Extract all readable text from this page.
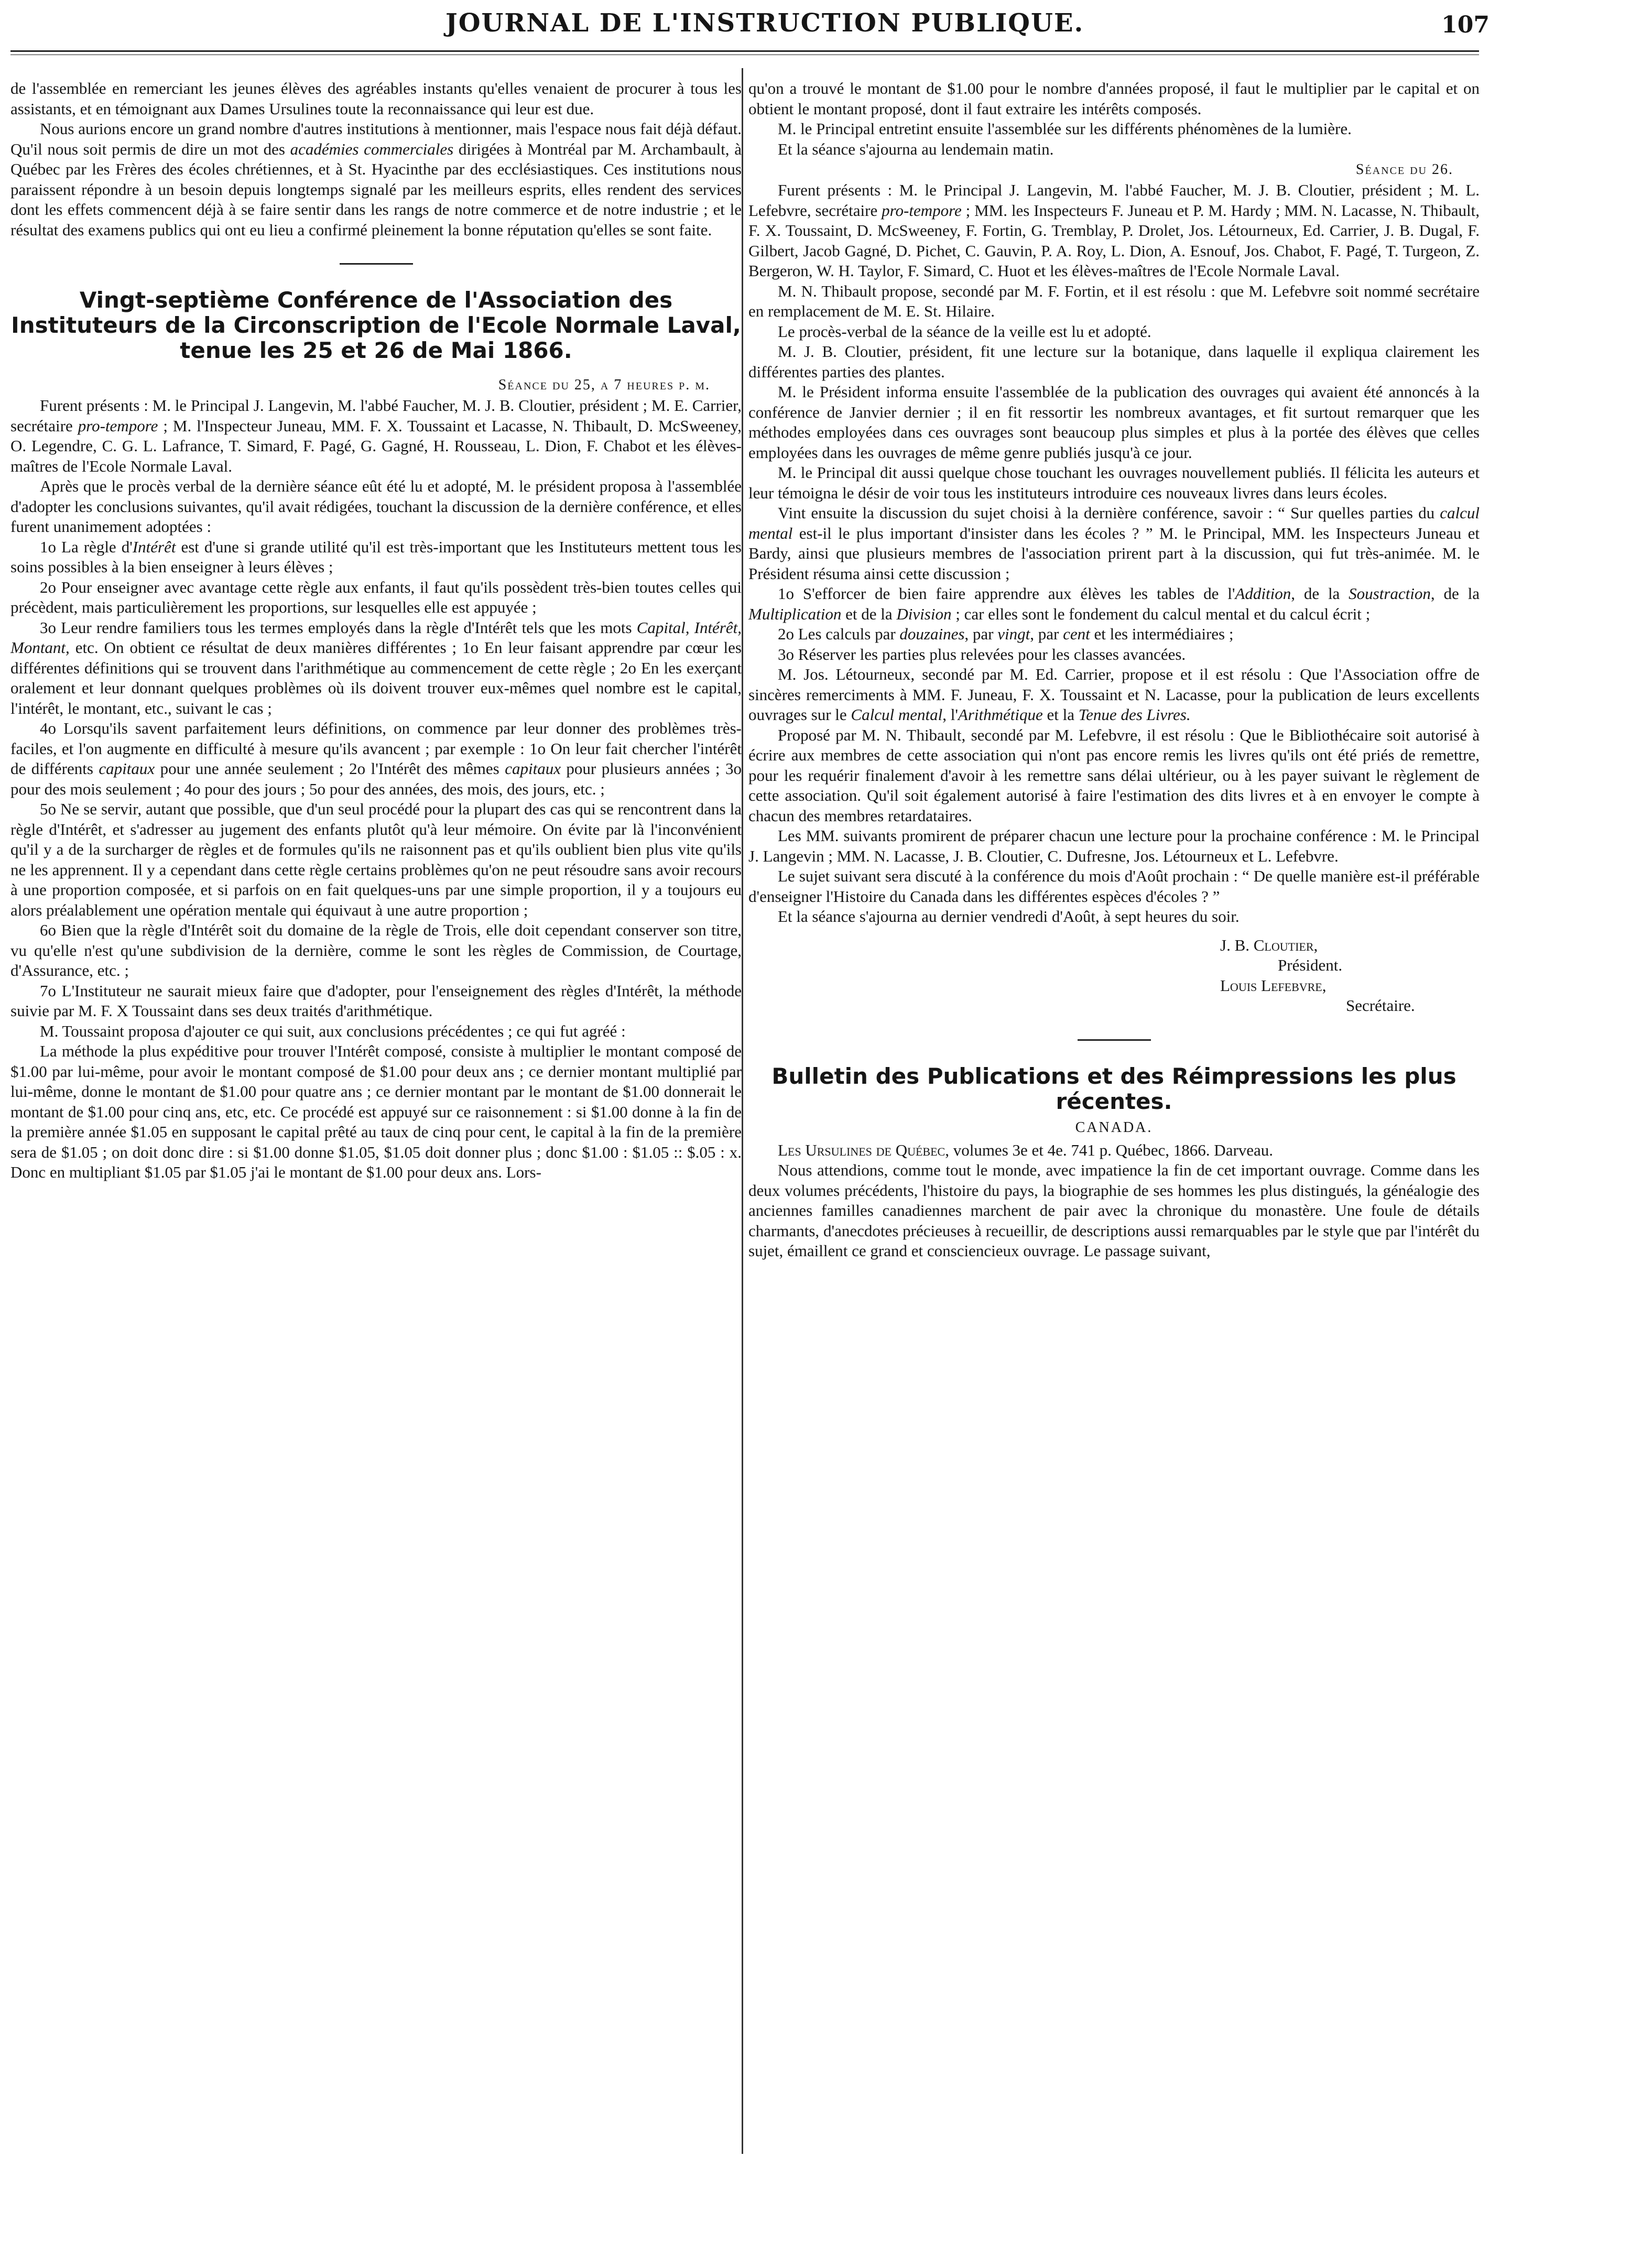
JOURNAL DE L'INSTRUCTION PUBLIQUE.	107

de l'assemblée en remerciant les jeunes élèves des agréables instants qu'elles venaient de procurer à tous les assistants, et en témoignant aux Dames Ursulines toute la reconnaissance qui leur est due.

Nous aurions encore un grand nombre d'autres institutions à mentionner, mais l'espace nous fait déjà défaut. Qu'il nous soit permis de dire un mot des académies commerciales dirigées à Montréal par M. Archambault, à Québec par les Frères des écoles chrétiennes, et à St. Hyacinthe par des ecclésiastiques. Ces institutions nous paraissent répondre à un besoin depuis longtemps signalé par les meilleurs esprits, elles rendent des services dont les effets commencent déjà à se faire sentir dans les rangs de notre commerce et de notre industrie ; et le résultat des examens publics qui ont eu lieu a confirmé pleinement la bonne réputation qu'elles se sont faite.

Vingt-septième Conférence de l'Association des Instituteurs de la Circonscription de l'Ecole Normale Laval, tenue les 25 et 26 de Mai 1866.

Séance du 25, a 7 heures p. m.

Furent présents : M. le Principal J. Langevin, M. l'abbé Faucher, M. J. B. Cloutier, président ; M. E. Carrier, secrétaire pro-tempore ; M. l'Inspecteur Juneau, MM. F. X. Toussaint et Lacasse, N. Thibault, D. McSweeney, O. Legendre, C. G. L. Lafrance, T. Simard, F. Pagé, G. Gagné, H. Rousseau, L. Dion, F. Chabot et les élèves-maîtres de l'Ecole Normale Laval.

Après que le procès verbal de la dernière séance eût été lu et adopté, M. le président proposa à l'assemblée d'adopter les conclusions suivantes, qu'il avait rédigées, touchant la discussion de la dernière conférence, et elles furent unanimement adoptées :

1o La règle d'Intérêt est d'une si grande utilité qu'il est très-important que les Instituteurs mettent tous les soins possibles à la bien enseigner à leurs élèves ;

2o Pour enseigner avec avantage cette règle aux enfants, il faut qu'ils possèdent très-bien toutes celles qui précèdent, mais particulièrement les proportions, sur lesquelles elle est appuyée ;

3o Leur rendre familiers tous les termes employés dans la règle d'Intérêt tels que les mots Capital, Intérêt, Montant, etc. On obtient ce résultat de deux manières différentes ; 1o En leur faisant apprendre par cœur les différentes définitions qui se trouvent dans l'arithmétique au commencement de cette règle ; 2o En les exerçant oralement et leur donnant quelques problèmes où ils doivent trouver eux-mêmes quel nombre est le capital, l'intérêt, le montant, etc., suivant le cas ;

4o Lorsqu'ils savent parfaitement leurs définitions, on commence par leur donner des problèmes très-faciles, et l'on augmente en difficulté à mesure qu'ils avancent ; par exemple : 1o On leur fait chercher l'intérêt de différents capitaux pour une année seulement ; 2o l'Intérêt des mêmes capitaux pour plusieurs années ; 3o pour des mois seulement ; 4o pour des jours ; 5o pour des années, des mois, des jours, etc. ;

5o Ne se servir, autant que possible, que d'un seul procédé pour la plupart des cas qui se rencontrent dans la règle d'Intérêt, et s'adresser au jugement des enfants plutôt qu'à leur mémoire. On évite par là l'inconvénient qu'il y a de la surcharger de règles et de formules qu'ils ne raisonnent pas et qu'ils oublient bien plus vite qu'ils ne les apprennent. Il y a cependant dans cette règle certains problèmes qu'on ne peut résoudre sans avoir recours à une proportion composée, et si parfois on en fait quelques-uns par une simple proportion, il y a toujours eu alors préalablement une opération mentale qui équivaut à une autre proportion ;

6o Bien que la règle d'Intérêt soit du domaine de la règle de Trois, elle doit cependant conserver son titre, vu qu'elle n'est qu'une subdivision de la dernière, comme le sont les règles de Commission, de Courtage, d'Assurance, etc. ;

7o L'Instituteur ne saurait mieux faire que d'adopter, pour l'enseignement des règles d'Intérêt, la méthode suivie par M. F. X Toussaint dans ses deux traités d'arithmétique.

M. Toussaint proposa d'ajouter ce qui suit, aux conclusions précédentes ; ce qui fut agréé :

La méthode la plus expéditive pour trouver l'Intérêt composé, consiste à multiplier le montant composé de $1.00 par lui-même, pour avoir le montant composé de $1.00 pour deux ans ; ce dernier montant multiplié par lui-même, donne le montant de $1.00 pour quatre ans ; ce dernier montant par le montant de $1.00 donnerait le montant de $1.00 pour cinq ans, etc, etc. Ce procédé est appuyé sur ce raisonnement : si $1.00 donne à la fin de la première année $1.05 en supposant le capital prêté au taux de cinq pour cent, le capital à la fin de la première sera de $1.05 ; on doit donc dire : si $1.00 donne $1.05, $1.05 doit donner plus ; donc $1.00 : $1.05 :: $.05 : x. Donc en multipliant $1.05 par $1.05 j'ai le montant de $1.00 pour deux ans. Lors-

qu'on a trouvé le montant de $1.00 pour le nombre d'années proposé, il faut le multiplier par le capital et on obtient le montant proposé, dont il faut extraire les intérêts composés.

M. le Principal entretint ensuite l'assemblée sur les différents phénomènes de la lumière.

Et la séance s'ajourna au lendemain matin.

Séance du 26.

Furent présents : M. le Principal J. Langevin, M. l'abbé Faucher, M. J. B. Cloutier, président ; M. L. Lefebvre, secrétaire pro-tempore ; MM. les Inspecteurs F. Juneau et P. M. Hardy ; MM. N. Lacasse, N. Thibault, F. X. Toussaint, D. McSweeney, F. Fortin, G. Tremblay, P. Drolet, Jos. Létourneux, Ed. Carrier, J. B. Dugal, F. Gilbert, Jacob Gagné, D. Pichet, C. Gauvin, P. A. Roy, L. Dion, A. Esnouf, Jos. Chabot, F. Pagé, T. Turgeon, Z. Bergeron, W. H. Taylor, F. Simard, C. Huot et les élèves-maîtres de l'Ecole Normale Laval.

M. N. Thibault propose, secondé par M. F. Fortin, et il est résolu : que M. Lefebvre soit nommé secrétaire en remplacement de M. E. St. Hilaire.

Le procès-verbal de la séance de la veille est lu et adopté.

M. J. B. Cloutier, président, fit une lecture sur la botanique, dans laquelle il expliqua clairement les différentes parties des plantes.

M. le Président informa ensuite l'assemblée de la publication des ouvrages qui avaient été annoncés à la conférence de Janvier dernier ; il en fit ressortir les nombreux avantages, et fit surtout remarquer que les méthodes employées dans ces ouvrages sont beaucoup plus simples et plus à la portée des élèves que celles employées dans les ouvrages de même genre publiés jusqu'à ce jour.

M. le Principal dit aussi quelque chose touchant les ouvrages nouvellement publiés. Il félicita les auteurs et leur témoigna le désir de voir tous les instituteurs introduire ces nouveaux livres dans leurs écoles.

Vint ensuite la discussion du sujet choisi à la dernière conférence, savoir : “ Sur quelles parties du calcul mental est-il le plus important d'insister dans les écoles ? ” M. le Principal, MM. les Inspecteurs Juneau et Bardy, ainsi que plusieurs membres de l'association prirent part à la discussion, qui fut très-animée. M. le Président résuma ainsi cette discussion ;

1o S'efforcer de bien faire apprendre aux élèves les tables de l'Addition, de la Soustraction, de la Multiplication et de la Division ; car elles sont le fondement du calcul mental et du calcul écrit ;

2o Les calculs par douzaines, par vingt, par cent et les intermédiaires ;

3o Réserver les parties plus relevées pour les classes avancées.

M. Jos. Létourneux, secondé par M. Ed. Carrier, propose et il est résolu : Que l'Association offre de sincères remerciments à MM. F. Juneau, F. X. Toussaint et N. Lacasse, pour la publication de leurs excellents ouvrages sur le Calcul mental, l'Arithmétique et la Tenue des Livres.

Proposé par M. N. Thibault, secondé par M. Lefebvre, il est résolu : Que le Bibliothécaire soit autorisé à écrire aux membres de cette association qui n'ont pas encore remis les livres qu'ils ont été priés de remettre, pour les requérir finalement d'avoir à les remettre sans délai ultérieur, ou à les payer suivant le règlement de cette association. Qu'il soit également autorisé à faire l'estimation des dits livres et à en envoyer le compte à chacun des membres retardataires.

Les MM. suivants promirent de préparer chacun une lecture pour la prochaine conférence : M. le Principal J. Langevin ; MM. N. Lacasse, J. B. Cloutier, C. Dufresne, Jos. Létourneux et L. Lefebvre.

Le sujet suivant sera discuté à la conférence du mois d'Août prochain : “ De quelle manière est-il préférable d'enseigner l'Histoire du Canada dans les différentes espèces d'écoles ? ”

Et la séance s'ajourna au dernier vendredi d'Août, à sept heures du soir.

J. B. Cloutier,

Président.

Louis Lefebvre,

Secrétaire.

Bulletin des Publications et des Réimpressions les plus récentes.

CANADA.

Les Ursulines de Québec, volumes 3e et 4e. 741 p. Québec, 1866. Darveau.

Nous attendions, comme tout le monde, avec impatience la fin de cet important ouvrage. Comme dans les deux volumes précédents, l'histoire du pays, la biographie de ses hommes les plus distingués, la généalogie des anciennes familles canadiennes marchent de pair avec la chronique du monastère. Une foule de détails charmants, d'anecdotes précieuses à recueillir, de descriptions aussi remarquables par le style que par l'intérêt du sujet, émaillent ce grand et consciencieux ouvrage. Le passage suivant,
